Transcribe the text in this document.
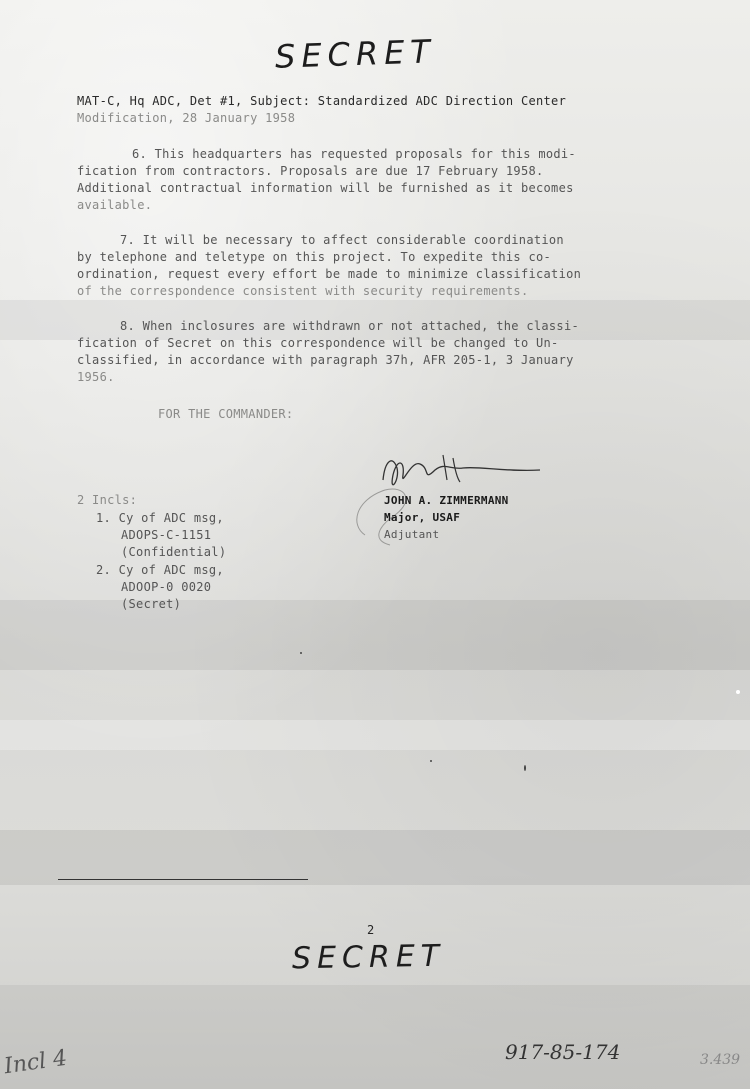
SECRET
MAT-C, Hq ADC, Det #1, Subject: Standardized ADC Direction Center
Modification, 28 January 1958
6. This headquarters has requested proposals for this modi-
fication from contractors. Proposals are due 17 February 1958.
Additional contractual information will be furnished as it becomes
available.
7. It will be necessary to affect considerable coordination
by telephone and teletype on this project. To expedite this co-
ordination, request every effort be made to minimize classification
of the correspondence consistent with security requirements.
8. When inclosures are withdrawn or not attached, the classi-
fication of Secret on this correspondence will be changed to Un-
classified, in accordance with paragraph 37h, AFR 205-1, 3 January
1956.
FOR THE COMMANDER:
JOHN A. ZIMMERMANN
Major, USAF
Adjutant
2 Incls:
1. Cy of ADC msg,
ADOPS-C-1151
(Confidential)
2. Cy of ADC msg,
ADOOP-0 0020
(Secret)
2
SECRET
917-85-174
Incl 4	3.439
